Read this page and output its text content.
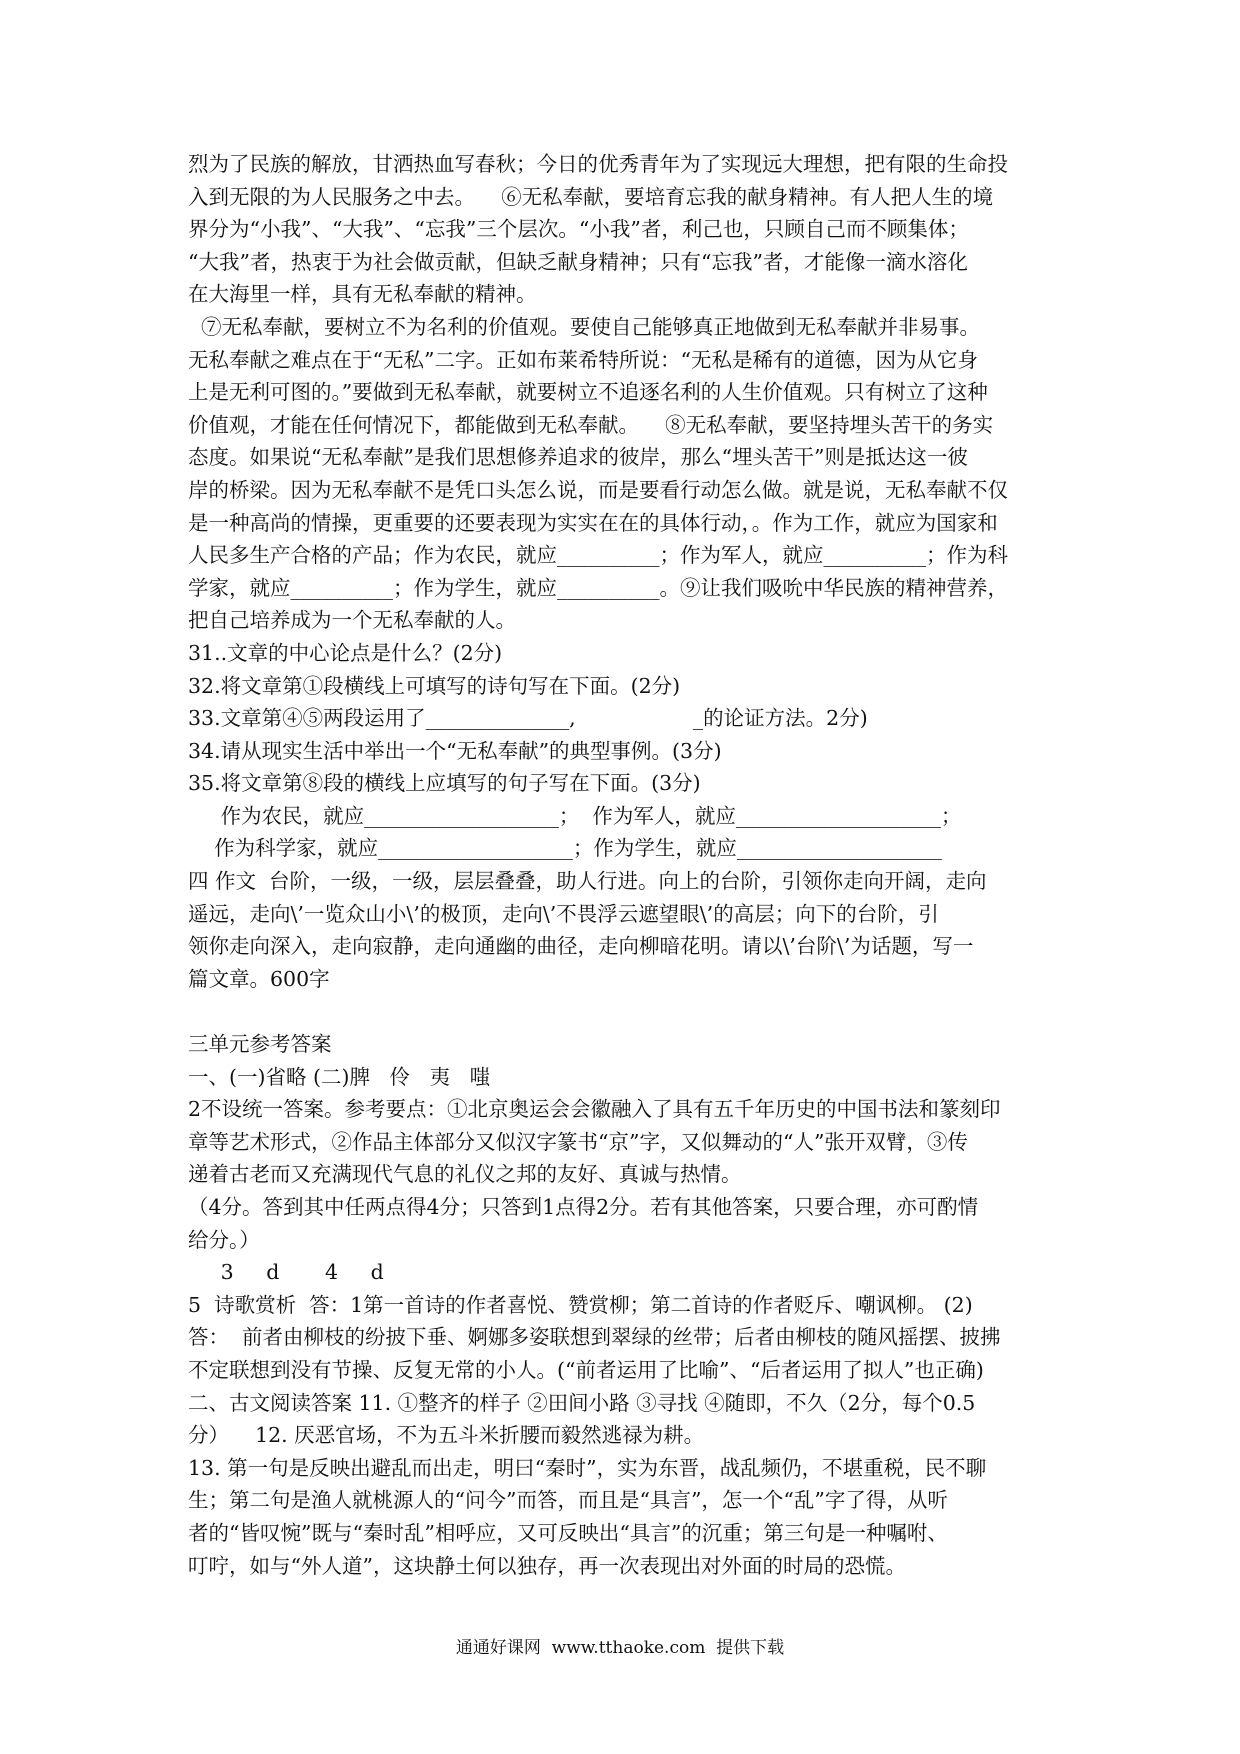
烈为了民族的解放，甘洒热血写春秋；今日的优秀青年为了实现远大理想，把有限的生命投
入到无限的为人民服务之中去。    ⑥无私奉献，要培育忘我的献身精神。有人把人生的境
界分为“小我”、“大我”、“忘我”三个层次。“小我”者，利己也，只顾自己而不顾集体；
“大我”者，热衷于为社会做贡献，但缺乏献身精神；只有“忘我”者，才能像一滴水溶化
在大海里一样，具有无私奉献的精神。
⑦无私奉献，要树立不为名利的价值观。要使自己能够真正地做到无私奉献并非易事。
无私奉献之难点在于“无私”二字。正如布莱希特所说：“无私是稀有的道德，因为从它身
上是无利可图的。”要做到无私奉献，就要树立不追逐名利的人生价值观。只有树立了这种
价值观，才能在任何情况下，都能做到无私奉献。    ⑧无私奉献，要坚持埋头苦干的务实
态度。如果说“无私奉献”是我们思想修养追求的彼岸，那么“埋头苦干”则是抵达这一彼
岸的桥梁。因为无私奉献不是凭口头怎么说，而是要看行动怎么做。就是说，无私奉献不仅
是一种高尚的情操，更重要的还要表现为实实在在的具体行动，。作为工作，就应为国家和
人民多生产合格的产品；作为农民，就应__________；作为军人，就应__________；作为科
学家，就应__________；作为学生，就应__________。⑨让我们吸吮中华民族的精神营养，
把自己培养成为一个无私奉献的人。
31..文章的中心论点是什么？(2分)
32.将文章第①段横线上可填写的诗句写在下面。(2分)
33.文章第④⑤两段运用了______________,                  _的论证方法。2分)
34.请从现实生活中举出一个“无私奉献”的典型事例。(3分)
35.将文章第⑧段的横线上应填写的句子写在下面。(3分)
作为农民，就应___________________；  作为军人，就应____________________；
作为科学家，就应___________________；作为学生，就应____________________
四 作文  台阶，一级，一级，层层叠叠，助人行进。向上的台阶，引领你走向开阔，走向
遥远，走向\’一览众山小\’的极顶，走向\’不畏浮云遮望眼\’的高层；向下的台阶，引
领你走向深入，走向寂静，走向通幽的曲径，走向柳暗花明。请以\’台阶\’为话题，写一
篇文章。600字
三单元参考答案
一、(一)省略 (二)脾   伶   夷   嗤
2不设统一答案。参考要点：①北京奥运会会徽融入了具有五千年历史的中国书法和篆刻印
章等艺术形式，②作品主体部分又似汉字篆书“京”字，又似舞动的“人”张开双臂，③传
递着古老而又充满现代气息的礼仪之邦的友好、真诚与热情。
（4分。答到其中任两点得4分；只答到1点得2分。若有其他答案，只要合理，亦可酌情
给分。）
3     d       4     d
5  诗歌赏析  答：1第一首诗的作者喜悦、赞赏柳；第二首诗的作者贬斥、嘲讽柳。 (2)
答：  前者由柳枝的纷披下垂、婀娜多姿联想到翠绿的丝带；后者由柳枝的随风摇摆、披拂
不定联想到没有节操、反复无常的小人。(“前者运用了比喻”、“后者运用了拟人”也正确)
二、古文阅读答案 11. ①整齐的样子 ②田间小路 ③寻找 ④随即，不久（2分，每个0.5
分）    12. 厌恶官场，不为五斗米折腰而毅然逃禄为耕。
13. 第一句是反映出避乱而出走，明曰“秦时”，实为东晋，战乱频仍，不堪重税，民不聊
生；第二句是渔人就桃源人的“问今”而答，而且是“具言”，怎一个“乱”字了得，从听
者的“皆叹惋”既与“秦时乱”相呼应，又可反映出“具言”的沉重；第三句是一种嘱咐、
叮咛，如与“外人道”，这块静土何以独存，再一次表现出对外面的时局的恐慌。
通通好课网  www.tthaoke.com  提供下载
